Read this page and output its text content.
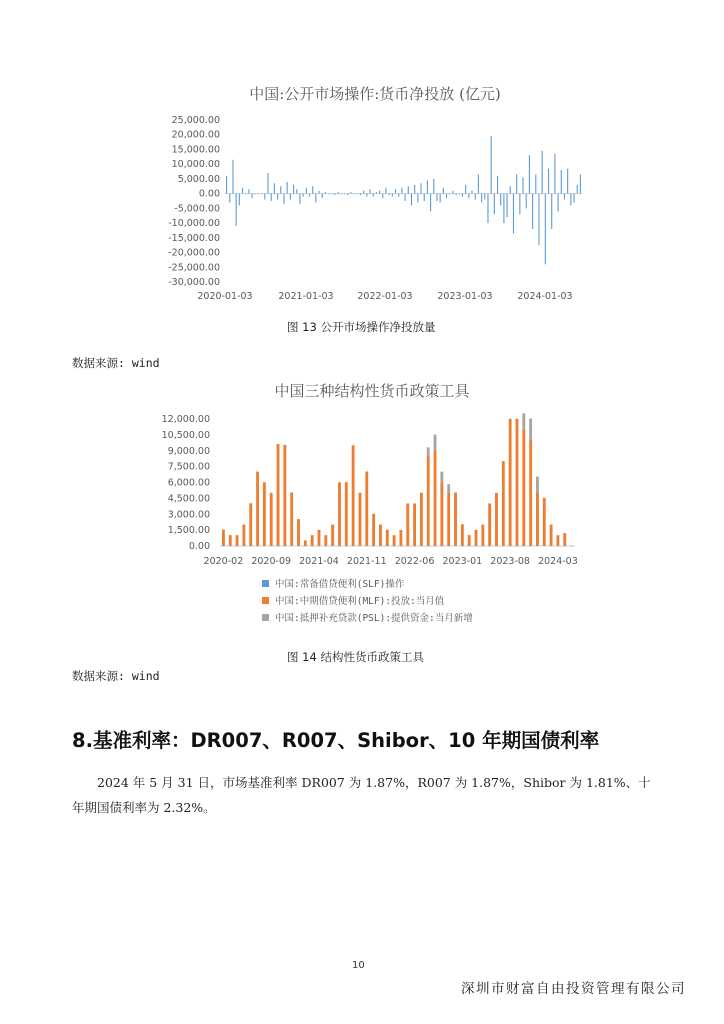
中国:公开市场操作:货币净投放 (亿元)
25,000.00
20,000.00
15,000.00
10,000.00
5,000.00
0.00
-5,000.00
-10,000.00
-15,000.00
-20,000.00
-25,000.00
-30,000.00
2020-01-03	2021-01-03	2022-01-03	2023-01-03	2024-01-03
图 13 公开市场操作净投放量
数据来源: wind
中国三种结构性货币政策工具
12,000.00
10,500.00
9,000.00
7,500.00
6,000.00
4,500.00
3,000.00
1,500.00
0.00
2020-02 2020-09 2021-04 2021-11 2022-06 2023-01 2023-08 2024-03
中国:常备借贷便利(SLF)操作
中国:中期借贷便利(MLF):投放:当月值
中国:抵押补充贷款(PSL):提供资金:当月新增
图 14 结构性货币政策工具
数据来源: wind
8.基准利率：DR007、R007、Shibor、10 年期国债利率
2024 年 5 月 31 日，市场基准利率 DR007 为 1.87%，R007 为 1.87%，Shibor 为 1.81%、十年期国债利率为 2.32%。
10
深圳市财富自由投资管理有限公司
